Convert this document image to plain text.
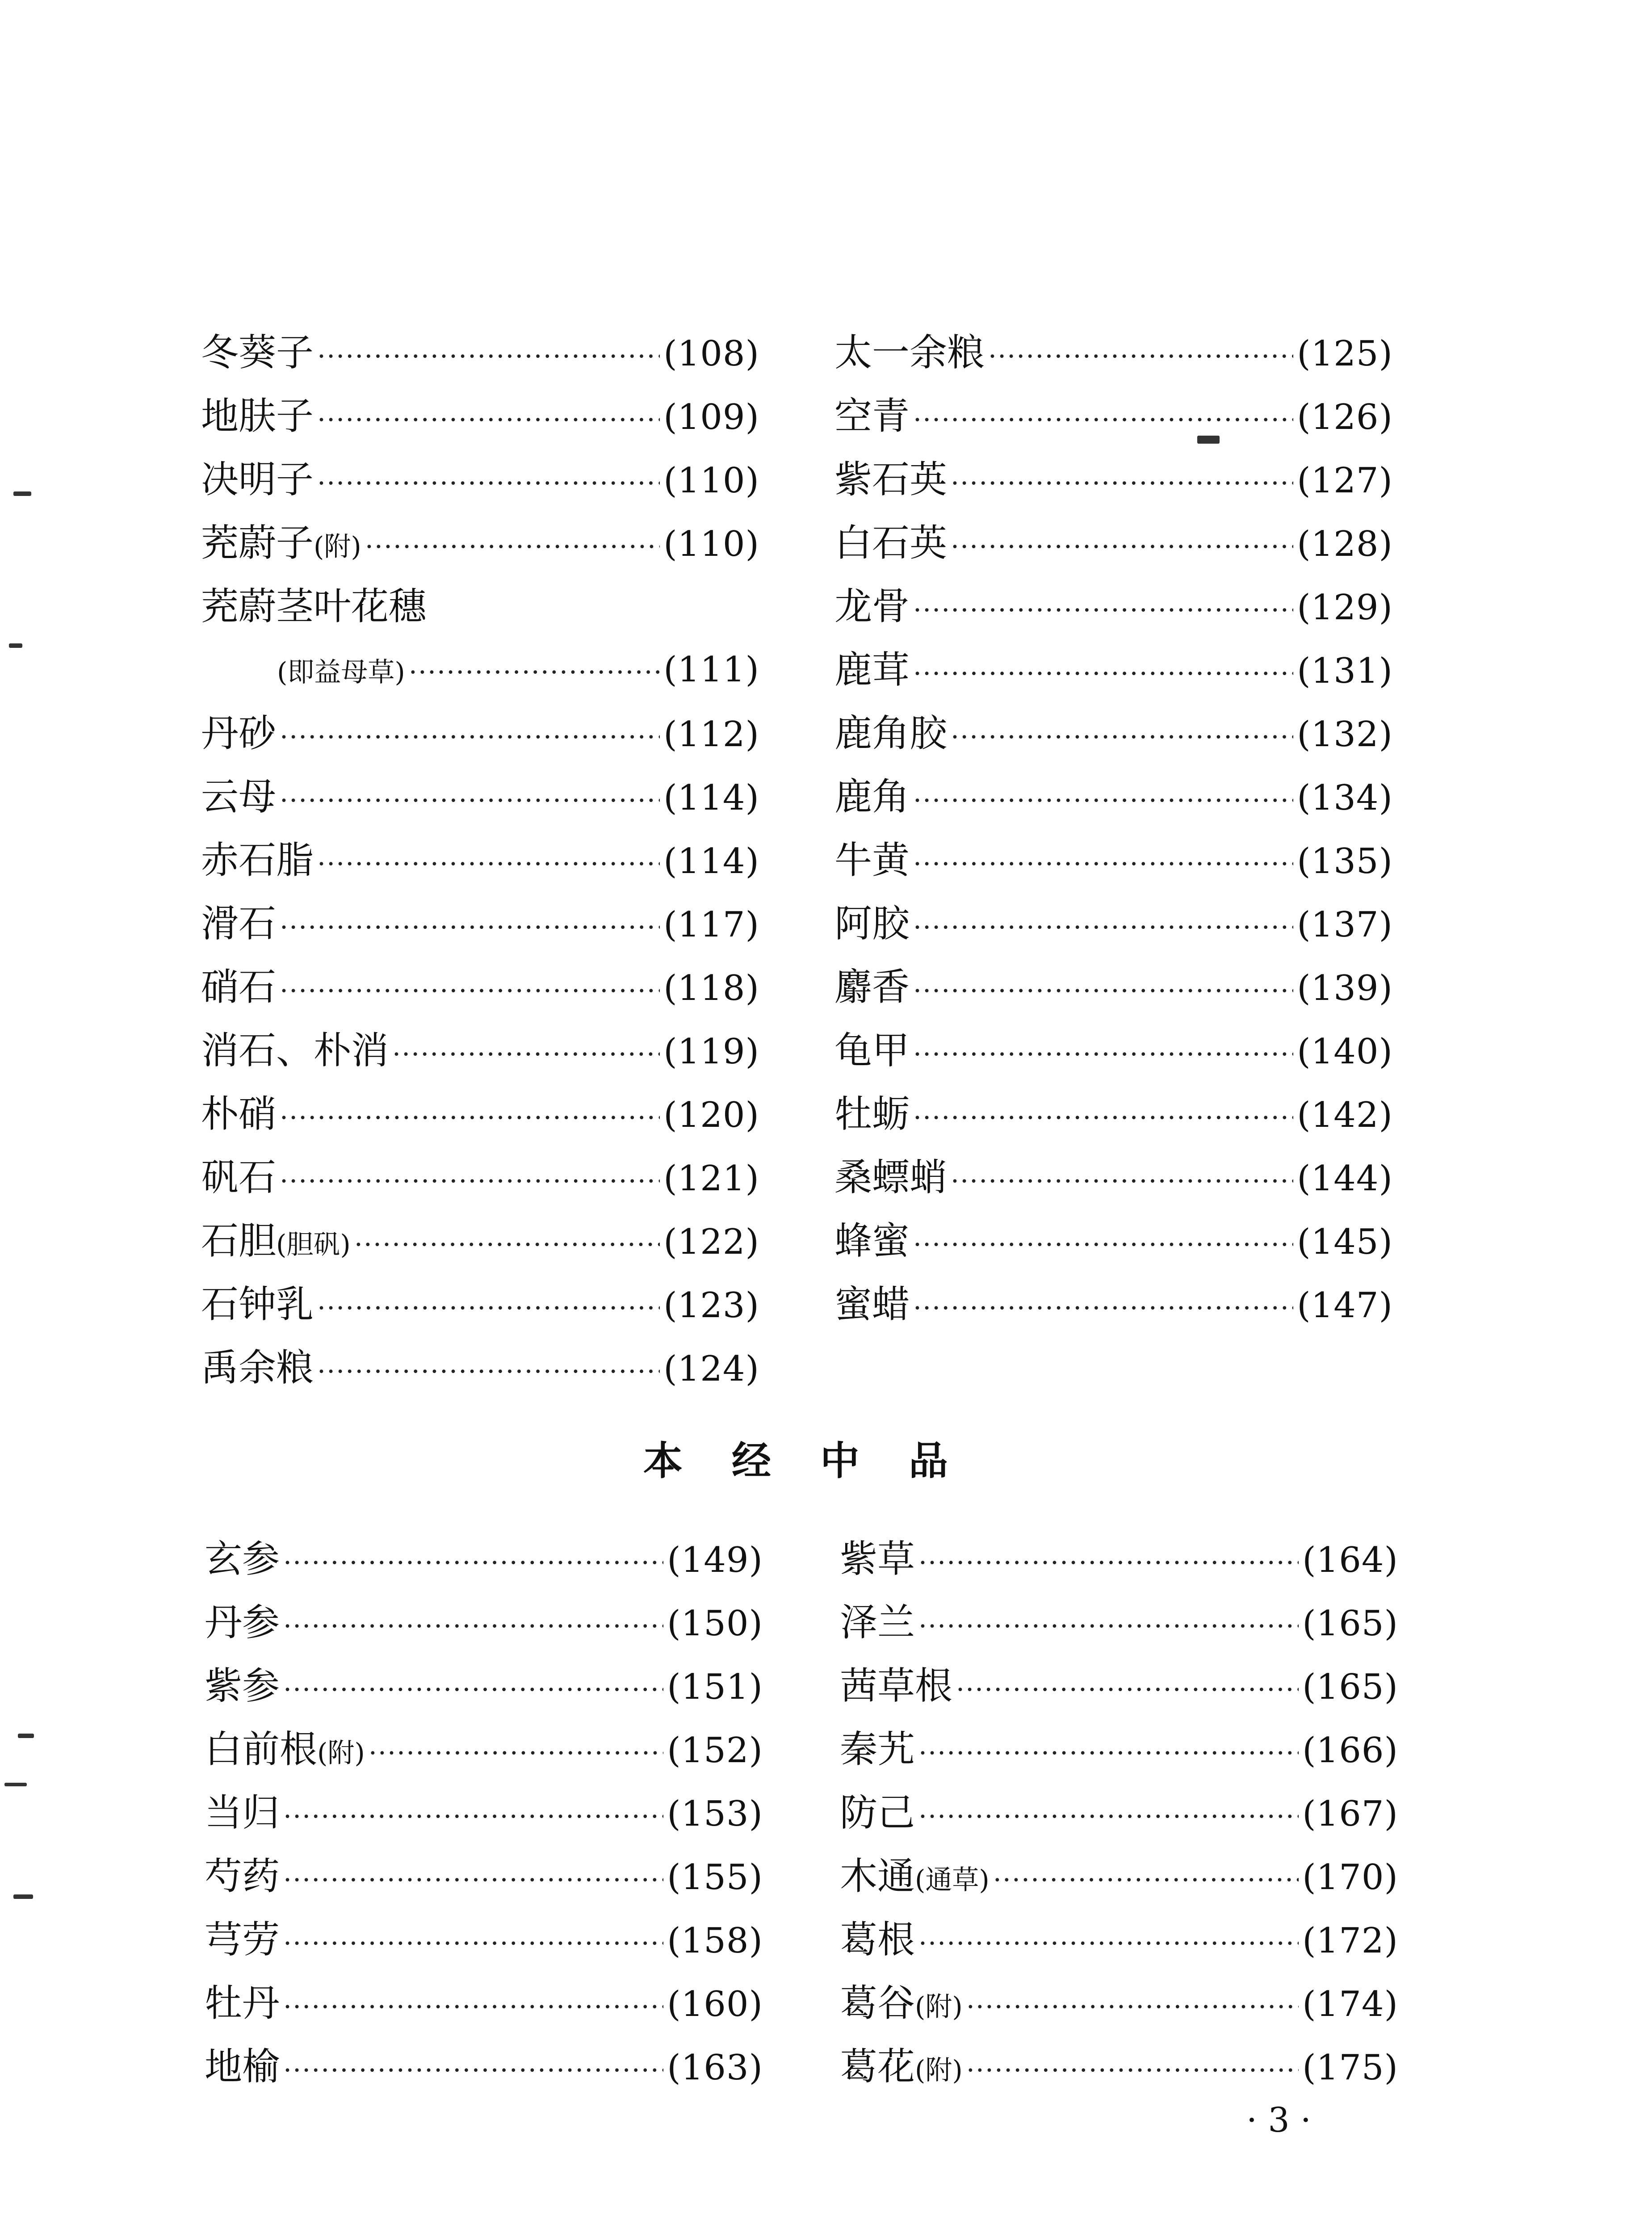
冬葵子 ·····	(108)
地肤子 ·····	(109)
决明子 ·····	(110)
茺蔚子 (附) ·····	(110)
茺蔚茎叶花穗
(即益母草) ·····	(111)
丹砂 ·····	(112)
云母 ·····	(114)
赤石脂 ·····	(114)
滑石 ·····	(117)
硝石 ·····	(118)
消石、朴消 ·····	(119)
朴硝 ·····	(120)
矾石 ·····	(121)
石胆 (胆矾) ·····	(122)
石钟乳 ·····	(123)
禹余粮 ·····	(124)
太一余粮 ·····	(125)
空青 ·····	(126)
紫石英 ·····	(127)
白石英 ·····	(128)
龙骨 ·····	(129)
鹿茸 ·····	(131)
鹿角胶 ·····	(132)
鹿角 ·····	(134)
牛黄 ·····	(135)
阿胶 ·····	(137)
麝香 ·····	(139)
龟甲 ·····	(140)
牡蛎 ·····	(142)
桑螵蛸 ·····	(144)
蜂蜜 ·····	(145)
蜜蜡 ·····	(147)
本经中品
玄参 ·····	(149)
丹参 ·····	(150)
紫参 ·····	(151)
白前根 (附) ·····	(152)
当归 ·····	(153)
芍药 ·····	(155)
芎劳 ·····	(158)
牡丹 ·····	(160)
地榆 ·····	(163)
紫草 ·····	(164)
泽兰 ·····	(165)
茜草根 ·····	(165)
秦艽 ·····	(166)
防己 ·····	(167)
木通 (通草) ·····	(170)
葛根 ·····	(172)
葛谷 (附) ·····	(174)
葛花 (附) ·····	(175)
· 3 ·
